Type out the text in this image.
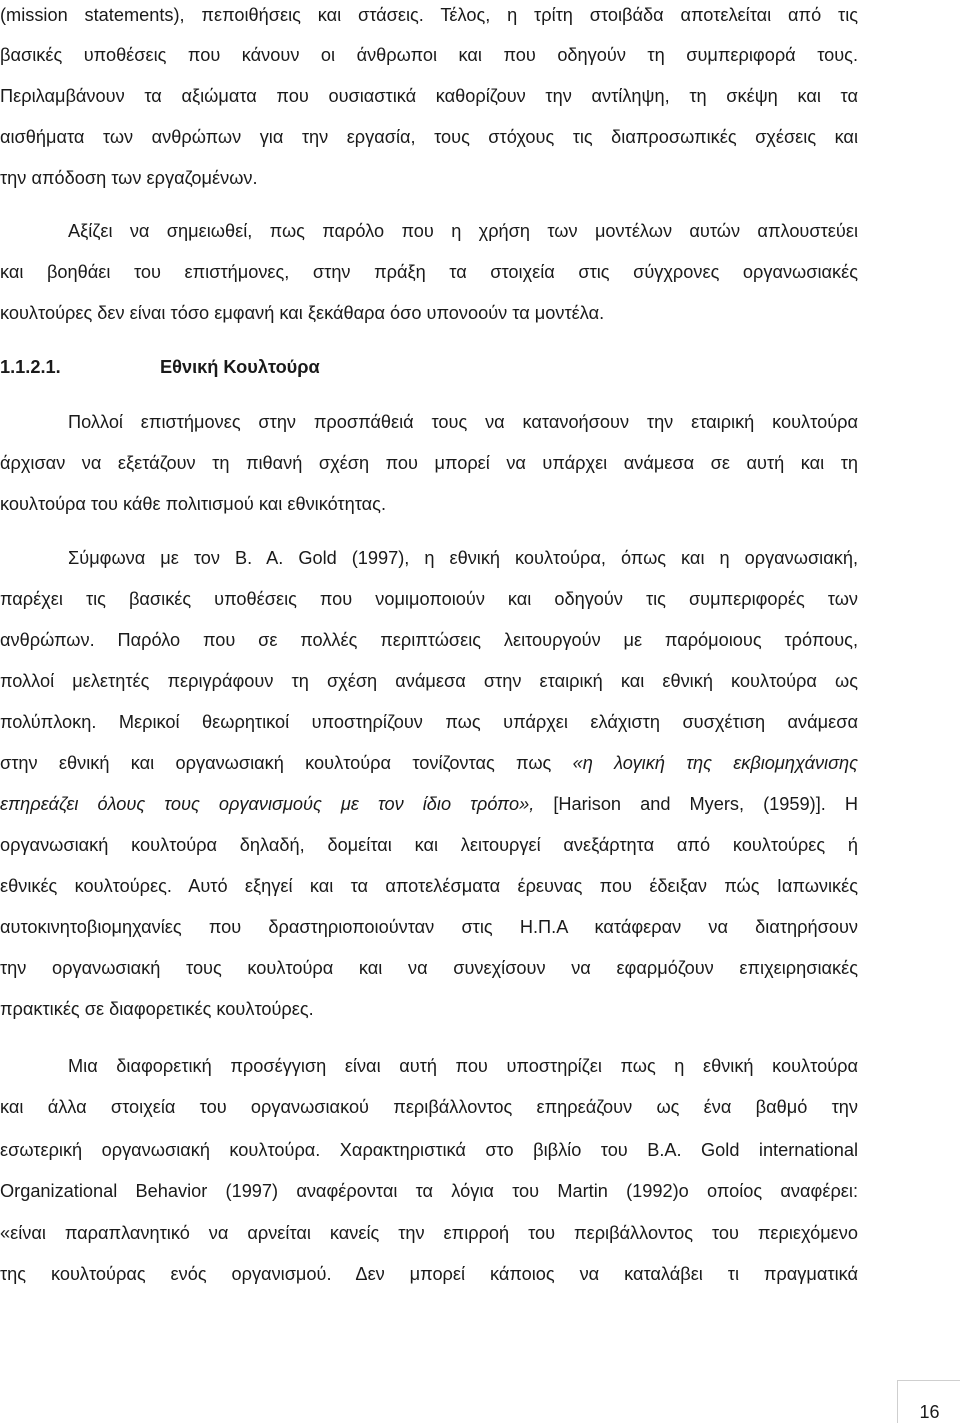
(mission statements), πεποιθήσεις και στάσεις. Τέλος, η τρίτη στοιβάδα αποτελείται από τις
βασικές υποθέσεις που κάνουν οι άνθρωποι και που οδηγούν τη συμπεριφορά τους.
Περιλαμβάνουν τα αξιώματα που ουσιαστικά καθορίζουν την αντίληψη, τη σκέψη και τα
αισθήματα των ανθρώπων για την εργασία, τους στόχους τις διαπροσωπικές σχέσεις και
την απόδοση των εργαζομένων.
Αξίζει να σημειωθεί, πως παρόλο που η χρήση των μοντέλων αυτών απλουστεύει
και βοηθάει του επιστήμονες, στην πράξη τα στοιχεία στις σύγχρονες οργανωσιακές
κουλτούρες δεν είναι τόσο εμφανή και ξεκάθαρα όσο υπονοούν τα μοντέλα.
1.1.2.1.	Εθνική Κουλτούρα
Πολλοί επιστήμονες στην προσπάθειά τους να κατανοήσουν την εταιρική κουλτούρα
άρχισαν να εξετάζουν τη πιθανή σχέση που μπορεί να υπάρχει ανάμεσα σε αυτή και τη
κουλτούρα του κάθε πολιτισμού και εθνικότητας.
Σύμφωνα με τον B. A. Gold (1997), η εθνική κουλτούρα, όπως και η οργανωσιακή,
παρέχει τις βασικές υποθέσεις που νομιμοποιούν και οδηγούν τις συμπεριφορές των
ανθρώπων. Παρόλο που σε πολλές περιπτώσεις λειτουργούν με παρόμοιους τρόπους,
πολλοί μελετητές περιγράφουν τη σχέση ανάμεσα στην εταιρική και εθνική κουλτούρα ως
πολύπλοκη. Μερικοί θεωρητικοί υποστηρίζουν πως υπάρχει ελάχιστη συσχέτιση ανάμεσα
στην εθνική και οργανωσιακή κουλτούρα τονίζοντας πως «η λογική της εκβιομηχάνισης
επηρεάζει όλους τους οργανισμούς με τον ίδιο τρόπο», [Harison and Myers, (1959)]. Η
οργανωσιακή κουλτούρα δηλαδή, δομείται και λειτουργεί ανεξάρτητα από κουλτούρες ή
εθνικές κουλτούρες. Αυτό εξηγεί και τα αποτελέσματα έρευνας που έδειξαν πώς Ιαπωνικές
αυτοκινητοβιομηχανίες που δραστηριοποιούνταν στις Η.Π.Α κατάφεραν να διατηρήσουν
την οργανωσιακή τους κουλτούρα και να συνεχίσουν να εφαρμόζουν επιχειρησιακές
πρακτικές σε διαφορετικές κουλτούρες.
Μια διαφορετική προσέγγιση είναι αυτή που υποστηρίζει πως η εθνική κουλτούρα
και άλλα στοιχεία του οργανωσιακού περιβάλλοντος επηρεάζουν ως ένα βαθμό την
εσωτερική οργανωσιακή κουλτούρα. Χαρακτηριστικά στο βιβλίο του B.A. Gold international
Organizational Behavior (1997) αναφέρονται τα λόγια του Martin (1992)ο οποίος αναφέρει:
«είναι παραπλανητικό να αρνείται κανείς την επιρροή του περιβάλλοντος του περιεχόμενο
της κουλτούρας ενός οργανισμού. Δεν μπορεί κάποιος να καταλάβει τι πραγματικά
16
